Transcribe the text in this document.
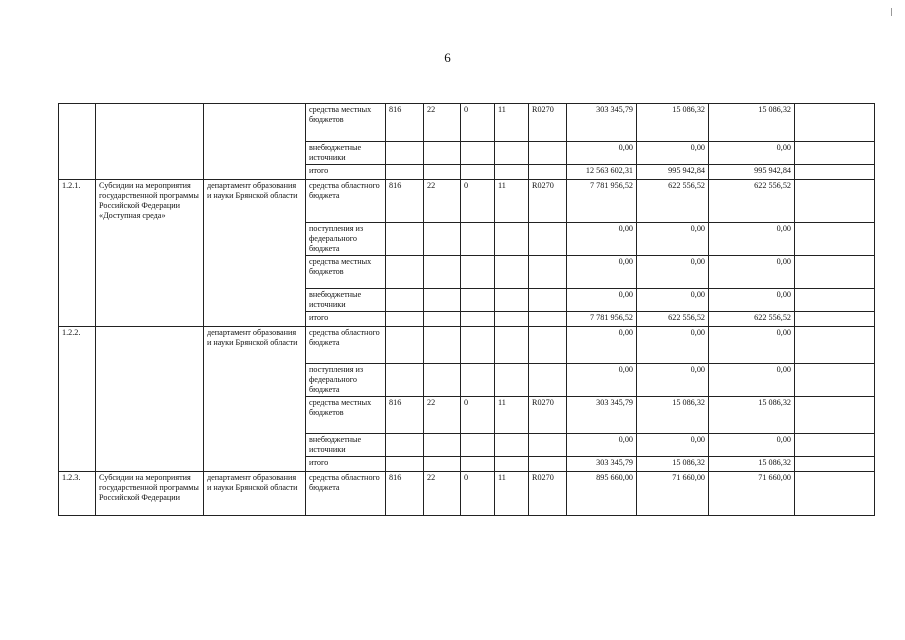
6
			средства местных бюджетов	816	22	0	11	R0270	303 345,79	15 086,32	15 086,32	
			внебюджетные источники						0,00	0,00	0,00	
			итого						12 563 602,31	995 942,84	995 942,84	
1.2.1.	Субсидии на мероприятия государственной программы Российской Федерации «Доступная среда»	департамент образования и науки Брянской области	средства областного бюджета	816	22	0	11	R0270	7 781 956,52	622 556,52	622 556,52	
			поступления из федерального бюджета						0,00	0,00	0,00	
			средства местных бюджетов						0,00	0,00	0,00	
			внебюджетные источники						0,00	0,00	0,00	
			итого						7 781 956,52	622 556,52	622 556,52	
1.2.2.		департамент образования и науки Брянской области	средства областного бюджета						0,00	0,00	0,00	
			поступления из федерального бюджета						0,00	0,00	0,00	
			средства местных бюджетов	816	22	0	11	R0270	303 345,79	15 086,32	15 086,32	
			внебюджетные источники						0,00	0,00	0,00	
			итого						303 345,79	15 086,32	15 086,32	
1.2.3.	Субсидии на мероприятия государственной программы Российской Федерации	департамент образования и науки Брянской области	средства областного бюджета	816	22	0	11	R0270	895 660,00	71 660,00	71 660,00	
